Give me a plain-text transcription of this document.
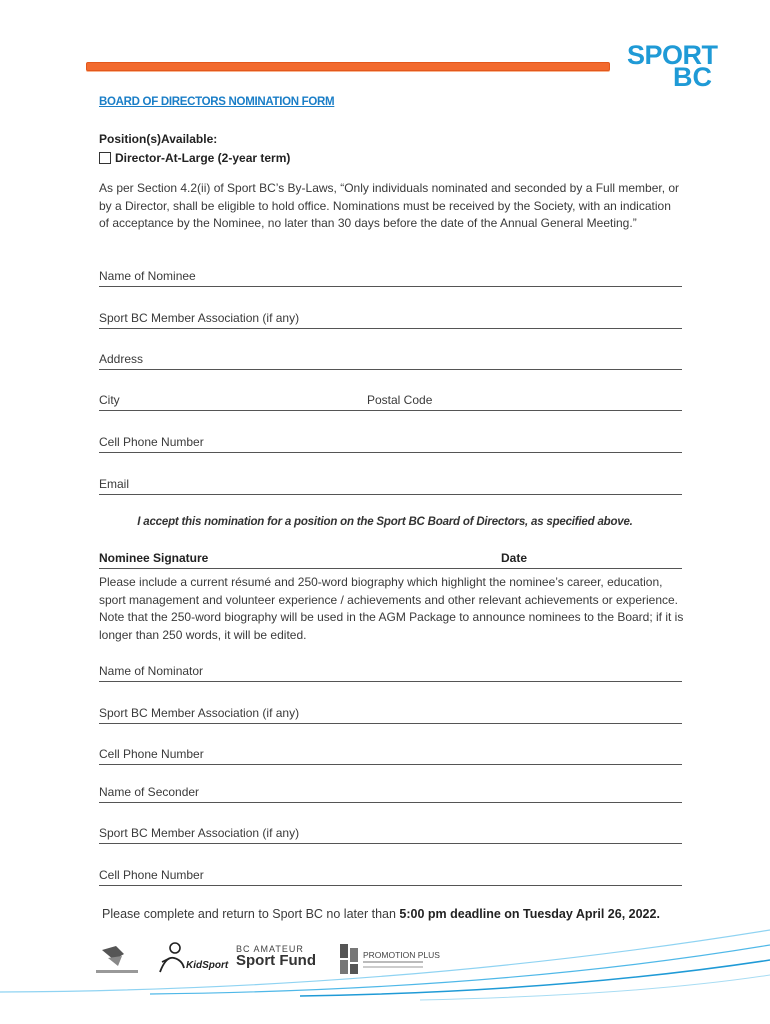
SPORT
BC
BOARD OF DIRECTORS NOMINATION FORM
Position(s)Available:
Director-At-Large (2-year term)
As per Section 4.2(ii) of Sport BC’s By-Laws, “Only individuals nominated and seconded by a Full member, or by a Director, shall be eligible to hold office. Nominations must be received by the Society, with an indication of acceptance by the Nominee, no later than 30 days before the date of the Annual General Meeting.”
Name of Nominee
Sport BC Member Association (if any)
Address
City	Postal Code
Cell Phone Number
Email
I accept this nomination for a position on the Sport BC Board of Directors, as specified above.
Nominee Signature	Date
Please include a current résumé and 250-word biography which highlight the nominee’s career, education, sport management and volunteer experience / achievements and other relevant achievements or experience. Note that the 250-word biography will be used in the AGM Package to announce nominees to the Board; if it is longer than 250 words, it will be edited.
Name of Nominator
Sport BC Member Association (if any)
Cell Phone Number
Name of Seconder
Sport BC Member Association (if any)
Cell Phone Number
Please complete and return to Sport BC no later than 5:00 pm deadline on Tuesday April 26, 2022.
KidSport
BC AMATEUR
Sport Fund	PROMOTION PLUS
